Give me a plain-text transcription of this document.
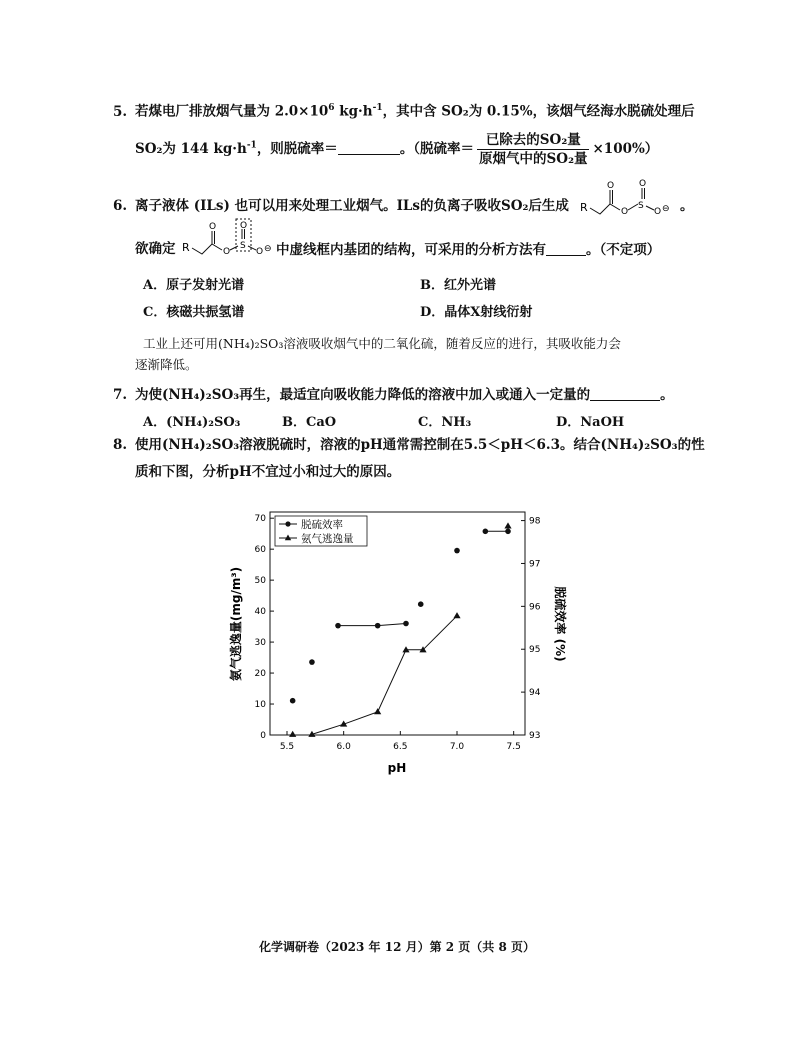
5. 若煤电厂排放烟气量为 $2.0\times 10^6$ $kg\cdot h^{-1}$，其中含 SO₂为 0.15%，该烟气经海水脱硫处理后
SO₂为 144 $kg\cdot h^{-1}$，则脱硫率＝	。（脱硫率＝ $\frac{\text{已除去的SO₂量}}{\text{原烟气中的SO₂量}} \times 100\%$）
6. 离子液体 (ILs) 也可以用来处理工业烟气。ILs的负离子吸收SO₂后生成 R
O
O
S
O
O ⊖ 。
欲确定 R
O
O
S
O
O ⊖ 中虚线框内基团的结构，可采用的分析方法有	。（不定项）
A．原子发射光谱	B．红外光谱
C．核磁共振氢谱	D．晶体X射线衍射
工业上还可用(NH₄)₂SO₃溶液吸收烟气中的二氧化硫，随着反应的进行，其吸收能力会
逐渐降低。
7. 为使(NH₄)₂SO₃再生，最适宜向吸收能力降低的溶液中加入或通入一定量的	。
A．(NH₄)₂SO₃	B．CaO	C．NH₃	D．NaOH
8. 使用(NH₄)₂SO₃溶液脱硫时，溶液的pH通常需控制在5.5＜pH＜6.3。结合(NH₄)₂SO₃的性
质和下图，分析pH不宜过小和过大的原因。
5.5	6.0	6.5	7.0	7.5
0
10
20
30
40
50
60
70
93
94
95
96
97
98
脱硫效率
氨气逃逸量
氨气逃逸量(mg/m³)	脱硫效率 (%)
pH
化学调研卷（2023 年 12 月）第 2 页（共 8 页）
